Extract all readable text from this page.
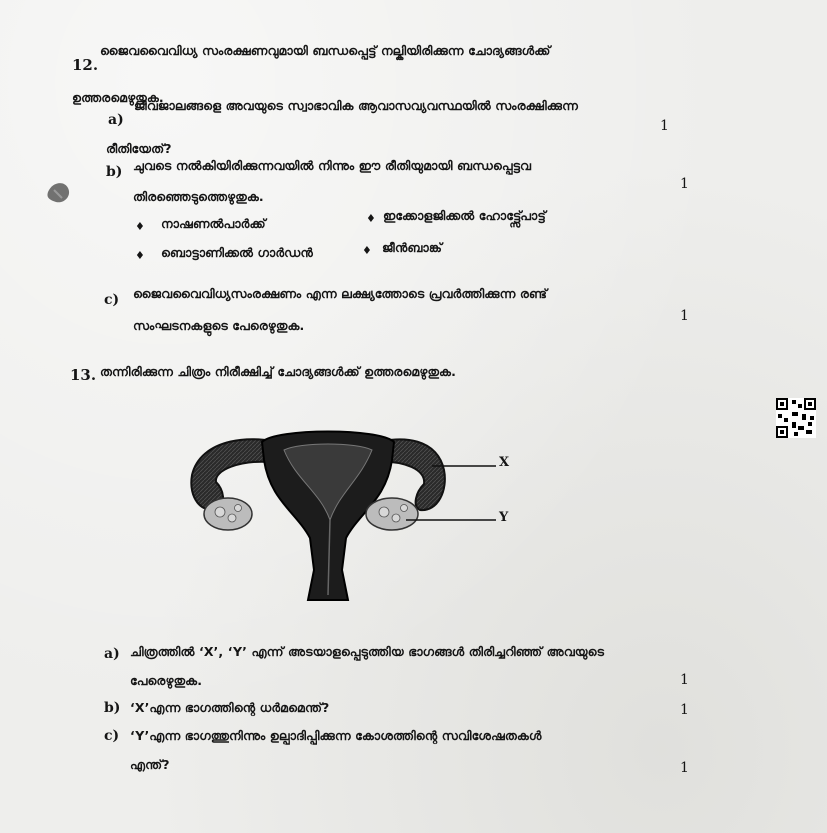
12.
ജൈവവൈവിധ്യ സംരക്ഷണവുമായി ബന്ധപ്പെട്ട് നല്കിയിരിക്കുന്ന ചോദ്യങ്ങൾക്ക്
ഉത്തരമെഴുതുക.
a)
ജീവജാലങ്ങളെ അവയുടെ സ്വാഭാവിക ആവാസവ്യവസ്ഥയിൽ സംരക്ഷിക്കുന്ന
രീതിയേത്?
1
b) ചുവടെ നൽകിയിരിക്കുന്നവയിൽ നിന്നും ഈ രീതിയുമായി ബന്ധപ്പെട്ടവ
തിരഞ്ഞെടുത്തെഴുതുക.
1
♦ നാഷണൽപാർക്ക്	♦ ഇക്കോളജിക്കൽ ഹോട്ട്സ്പോട്ട്
♦ ബൊട്ടാണിക്കൽ ഗാർഡൻ	♦ ജീൻബാങ്ക്
c) ജൈവവൈവിധ്യസംരക്ഷണം എന്ന ലക്ഷ്യത്തോടെ പ്രവർത്തിക്കുന്ന രണ്ട്
സംഘടനകളുടെ പേരെഴുതുക.
1
13. തന്നിരിക്കുന്ന ചിത്രം നിരീക്ഷിച്ച് ചോദ്യങ്ങൾക്ക് ഉത്തരമെഴുതുക.
X
Y
a) ചിത്രത്തിൽ ‘X’, ‘Y’ എന്ന് അടയാളപ്പെടുത്തിയ ഭാഗങ്ങൾ തിരിച്ചറിഞ്ഞ് അവയുടെ
പേരെഴുതുക.	1
b) ‘X’എന്ന ഭാഗത്തിന്റെ ധർമമെന്ത്?	1
c) ‘Y’എന്ന ഭാഗത്തുനിന്നും ഉല്പാദിപ്പിക്കുന്ന കോശത്തിന്റെ സവിശേഷതകൾ
എന്ത്?	1
